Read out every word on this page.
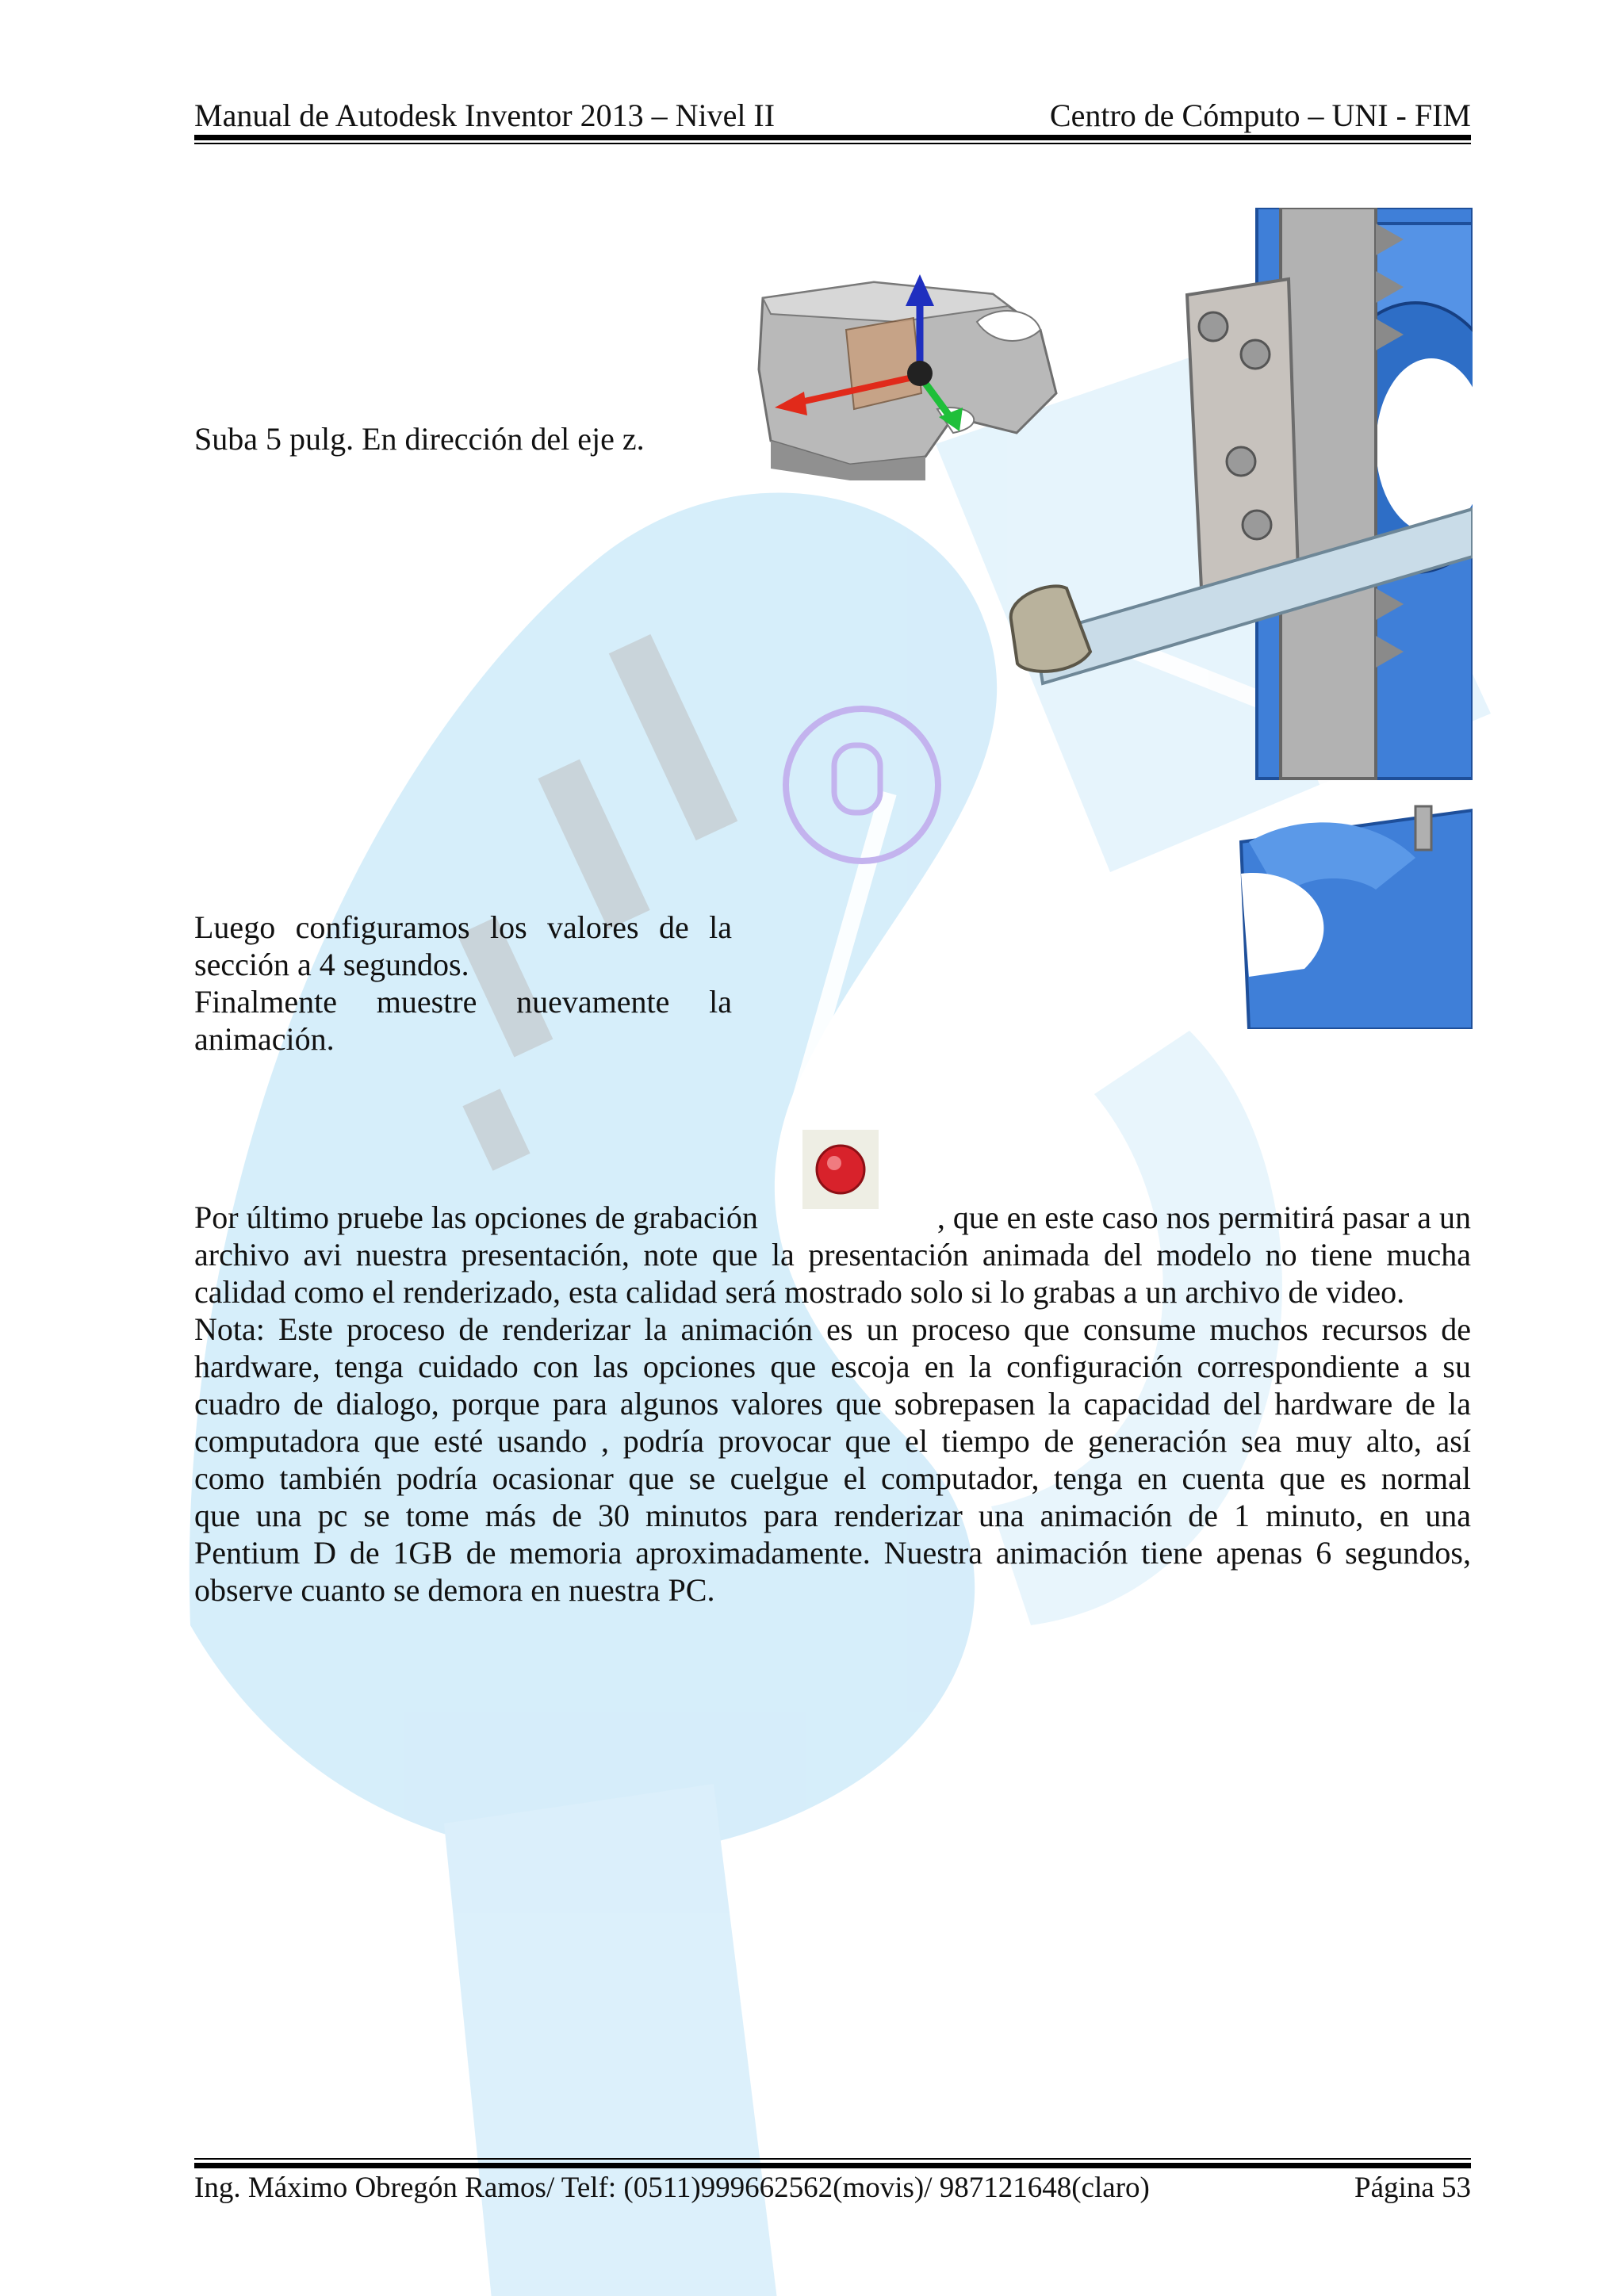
Manual de Autodesk Inventor 2013 – Nivel II	Centro de Cómputo – UNI - FIM
Suba 5 pulg. En dirección del eje z.
Luego configuramos los valores de la
sección a 4 segundos.
Finalmente muestre nuevamente la
animación.
Por último pruebe las opciones de grabación	, que en este caso nos permitirá pasar a un
archivo avi nuestra presentación, note que la presentación animada del modelo no tiene mucha
calidad como el renderizado, esta calidad será mostrado solo si lo grabas a un archivo de video.
Nota: Este proceso de renderizar la animación es un proceso que consume muchos recursos de
hardware, tenga cuidado con las opciones que escoja en la configuración correspondiente a su
cuadro de dialogo, porque para algunos valores que sobrepasen la capacidad del hardware de la
computadora que esté usando , podría provocar que el tiempo de generación sea muy alto, así
como también podría ocasionar que se cuelgue el computador, tenga en cuenta que es normal
que una pc se tome más de 30 minutos para renderizar una animación de 1 minuto, en una
Pentium D de 1GB de memoria aproximadamente. Nuestra animación tiene apenas 6 segundos,
observe cuanto se demora en nuestra PC.
Ing. Máximo Obregón Ramos/ Telf: (0511)999662562(movis)/ 987121648(claro)	Página 53
